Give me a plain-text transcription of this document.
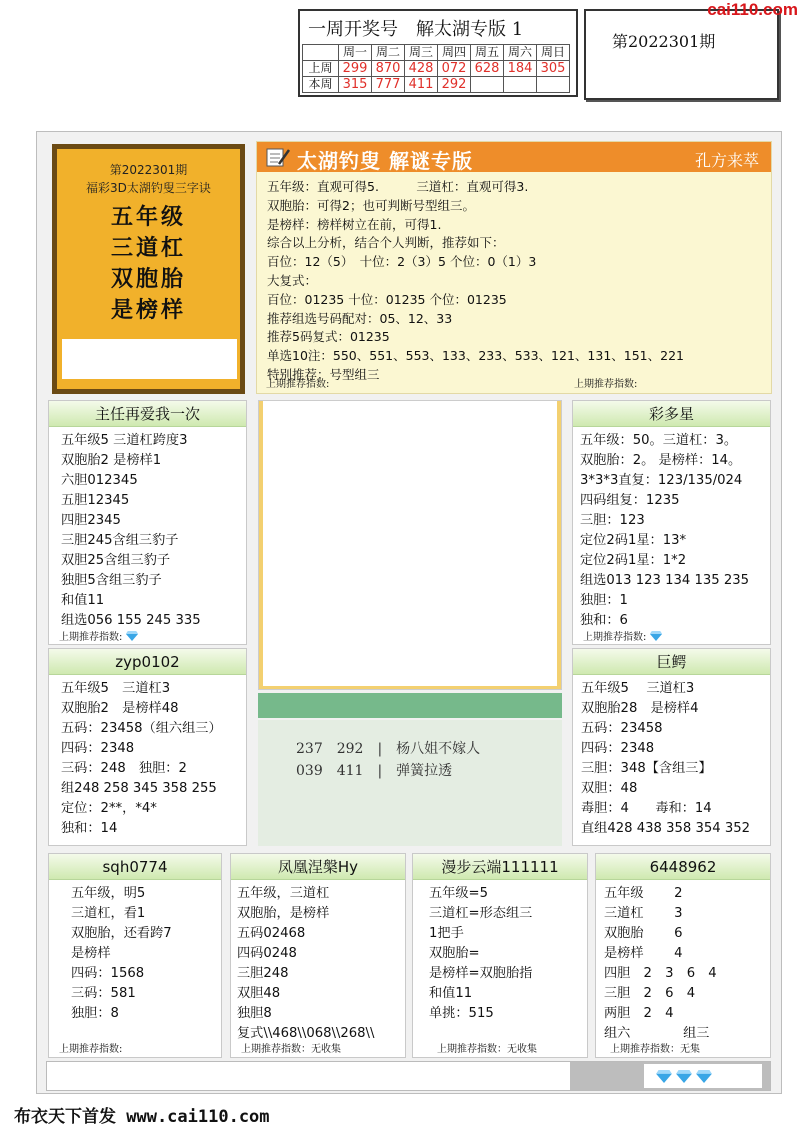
一周开奖号　解太湖专版 1
	周一	周二	周三	周四	周五	周六	周日
上周	299	870	428	072	628	184	305
本周	315	777	411	292			
第2022301期
cai110.com
第2022301期
福彩3D太湖钓叟三字诀
五年级
三道杠
双胞胎
是榜样
太湖钓叟 解谜专版	孔方来萃
五年级：直观可得5.　　　三道杠：直观可得3.
双胞胎：可得2；也可判断号型组三。
是榜样：榜样树立在前，可得1.
综合以上分析，结合个人判断，推荐如下：
百位：12（5）　十位：2（3）5 个位：0（1）3
大复式：
百位：01235 十位：01235 个位：01235
推荐组选号码配对：05、12、33
推荐5码复式：01235
单选10注：550、551、553、133、233、533、121、131、151、221
特别推荐：号型组三
上期推荐指数:	上期推荐指数:
主任再爱我一次
五年级5 三道杠跨度3
双胞胎2 是榜样1
六胆012345
五胆12345
四胆2345
三胆245含组三豹子
双胆25含组三豹子
独胆5含组三豹子
和值11
组选056 155 245 335
上期推荐指数:
彩多星
五年级：50。三道杠：3。
双胞胎：2。 是榜样：14。
3*3*3直复：123/135/024
四码组复：1235
三胆：123
定位2码1星：13*
定位2码1星：1*2
组选013 123 134 135 235
独胆：1
独和：6
上期推荐指数:
zyp0102
五年级5　三道杠3
双胞胎2　是榜样48
五码：23458（组六组三）
四码：2348
三码：248　独胆：2
组248 258 345 358 255
定位：2**，*4*
独和：14
巨鳄
五年级5　 三道杠3
双胞胎28　是榜样4
五码：23458
四码：2348
三胆：348【含组三】
双胆：48
毒胆：4　　毒和：14
直组428 438 358 354 352
237　292　|　杨八姐不嫁人
039　411　|　弹簧拉透
sqh0774
五年级，明5
三道杠，看1
双胞胎，还看跨7
是榜样
四码：1568
三码：581
独胆：8
上期推荐指数:
凤凰涅槃Hy
五年级，三道杠
双胞胎，是榜样
五码02468
四码0248
三胆248
双胆48
独胆8
复式\\468\\068\\268\\
上期推荐指数：无收集
漫步云端111111
五年级=5
三道杠=形态组三
1把手
双胞胎=
是榜样=双胞胎指
和值11
单挑：515
上期推荐指数：无收集
6448962
五年级　　 2
三道杠　　 3
双胞胎　　 6
是榜样　　 4
四胆　2　3　6　4
三胆　2　6　4
两胆　2　4
组六　　　　组三
上期推荐指数：无集
布衣天下首发 www.cai110.com
